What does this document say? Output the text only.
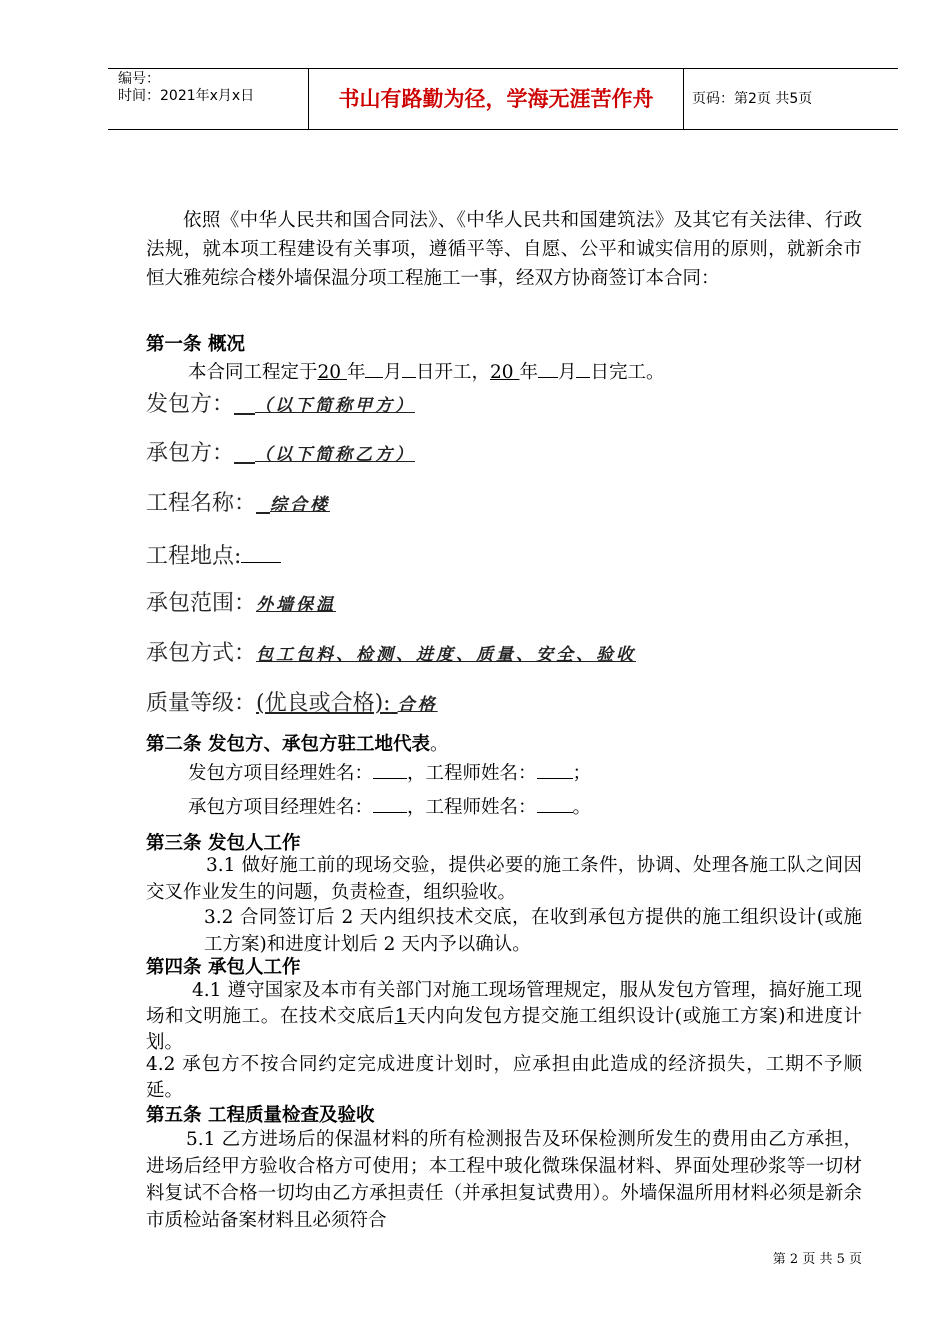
编号：
时间：2021年x月x日	书山有路勤为径，学海无涯苦作舟	页码：第2页 共5页
依照《中华人民共和国合同法》、《中华人民共和国建筑法》及其它有关法律、行政法规，就本项工程建设有关事项，遵循平等、自愿、公平和诚实信用的原则，就新余市恒大雅苑综合楼外墙保温分项工程施工一事，经双方协商签订本合同：
第一条 概况
本合同工程定于20 年 月 日开工，20 年 月 日完工。
发包方： （以下简称甲方）
承包方： （以下简称乙方）
工程名称： 综合楼
工程地点:
承包范围：外墙保温
承包方式：包工包料、检测、进度、质量、安全、验收
质量等级：(优良或合格): 合格
第二条 发包方、承包方驻工地代表。
发包方项目经理姓名： ，工程师姓名： ；
承包方项目经理姓名： ，工程师姓名： 。
第三条 发包人工作
3.1 做好施工前的现场交验，提供必要的施工条件，协调、处理各施工队之间因交叉作业发生的问题，负责检查，组织验收。
3.2 合同签订后 2 天内组织技术交底，在收到承包方提供的施工组织设计(或施工方案)和进度计划后 2 天内予以确认。
第四条 承包人工作
4.1 遵守国家及本市有关部门对施工现场管理规定，服从发包方管理，搞好施工现场和文明施工。在技术交底后1天内向发包方提交施工组织设计(或施工方案)和进度计划。
4.2 承包方不按合同约定完成进度计划时，应承担由此造成的经济损失，工期不予顺延。
第五条 工程质量检查及验收
5.1 乙方进场后的保温材料的所有检测报告及环保检测所发生的费用由乙方承担，进场后经甲方验收合格方可使用；本工程中玻化微珠保温材料、界面处理砂浆等一切材料复试不合格一切均由乙方承担责任（并承担复试费用）。外墙保温所用材料必须是新余市质检站备案材料且必须符合
第 2 页 共 5 页
